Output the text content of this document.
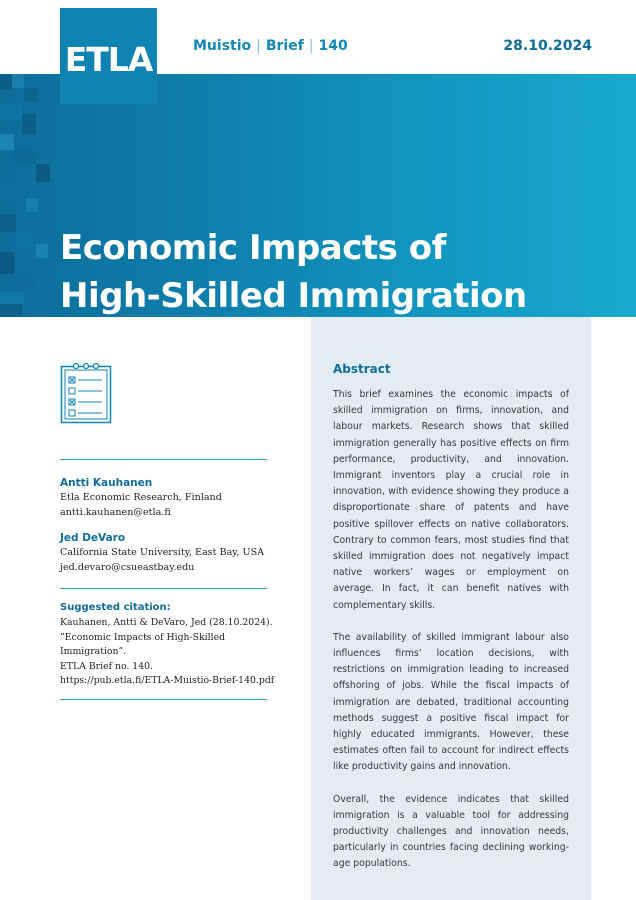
Muistio | Brief | 140	28.10.2024
ETLA
Economic Impacts of
High-Skilled Immigration
Antti Kauhanen
Etla Economic Research, Finland
antti.kauhanen@etla.fi
Jed DeVaro
California State University, East Bay, USA
jed.devaro@csueastbay.edu
Suggested citation:
Kauhanen, Antti & DeVaro, Jed (28.10.2024).
”Economic Impacts of High-Skilled
Immigration”.
ETLA Brief no. 140.
https://pub.etla.fi/ETLA-Muistio-Brief-140.pdf
Abstract

This brief examines the economic impacts of skilled immigration on firms, innovation, and labour markets. Research shows that skilled immigration generally has positive effects on firm performance, productivity, and innovation. Immigrant inventors play a crucial role in innovation, with evidence showing they produce a disproportionate share of patents and have positive spillover effects on native collaborators. Contrary to common fears, most studies find that skilled immigration does not negatively impact native workers’ wages or employment on average. In fact, it can benefit natives with complementary skills.

The availability of skilled immigrant labour also influences firms’ location decisions, with restrictions on immigration leading to increased offshoring of jobs. While the fiscal impacts of immigration are debated, traditional accounting methods suggest a positive fiscal impact for highly educated immigrants. However, these estimates often fail to account for indirect effects like productivity gains and innovation.

Overall, the evidence indicates that skilled immigration is a valuable tool for addressing productivity challenges and innovation needs, particularly in countries facing declining working-age populations.
